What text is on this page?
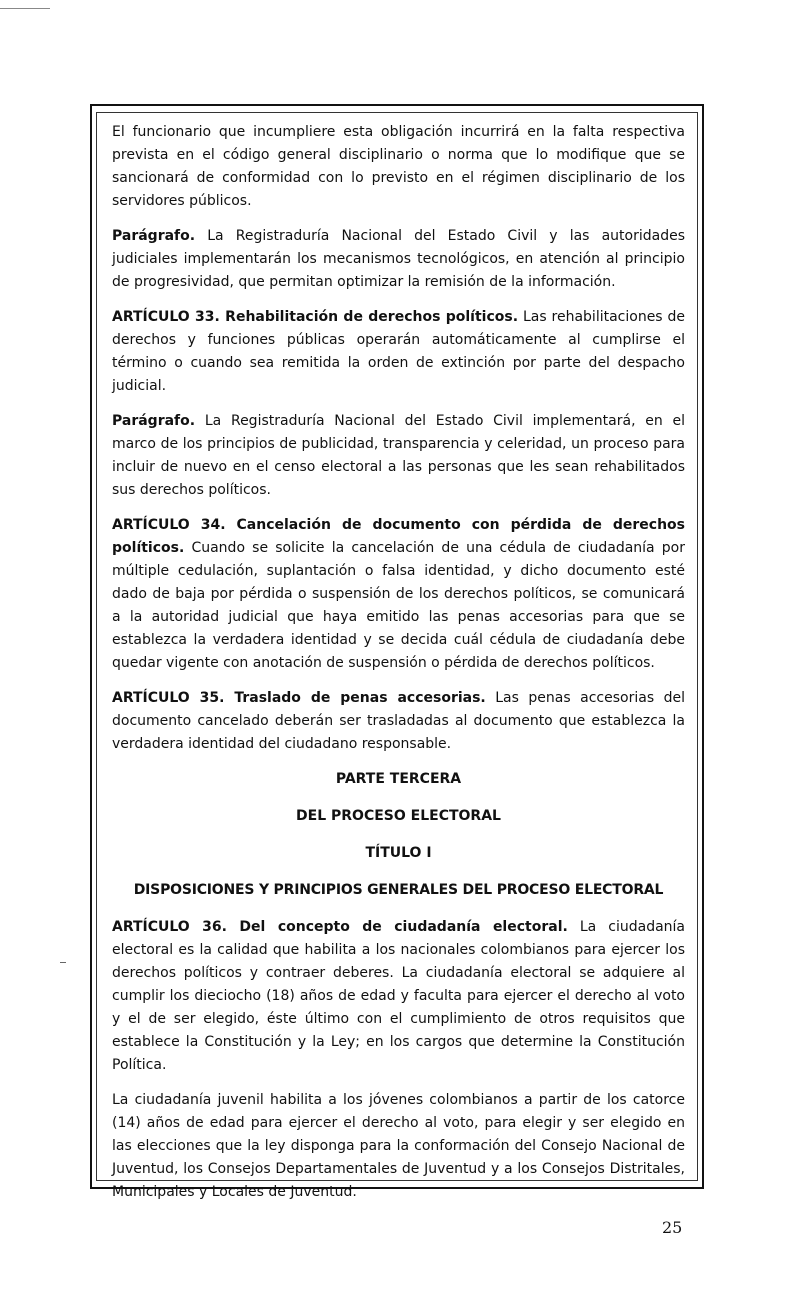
El funcionario que incumpliere esta obligación incurrirá en la falta respectiva prevista en el código general disciplinario o norma que lo modifique que se sancionará de conformidad con lo previsto en el régimen disciplinario de los servidores públicos.

Parágrafo. La Registraduría Nacional del Estado Civil y las autoridades judiciales implementarán los mecanismos tecnológicos, en atención al principio de progresividad, que permitan optimizar la remisión de la información.

ARTÍCULO 33. Rehabilitación de derechos políticos. Las rehabilitaciones de derechos y funciones públicas operarán automáticamente al cumplirse el término o cuando sea remitida la orden de extinción por parte del despacho judicial.

Parágrafo. La Registraduría Nacional del Estado Civil implementará, en el marco de los principios de publicidad, transparencia y celeridad, un proceso para incluir de nuevo en el censo electoral a las personas que les sean rehabilitados sus derechos políticos.

ARTÍCULO 34. Cancelación de documento con pérdida de derechos políticos. Cuando se solicite la cancelación de una cédula de ciudadanía por múltiple cedulación, suplantación o falsa identidad, y dicho documento esté dado de baja por pérdida o suspensión de los derechos políticos, se comunicará a la autoridad judicial que haya emitido las penas accesorias para que se establezca la verdadera identidad y se decida cuál cédula de ciudadanía debe quedar vigente con anotación de suspensión o pérdida de derechos políticos.

ARTÍCULO 35. Traslado de penas accesorias. Las penas accesorias del documento cancelado deberán ser trasladadas al documento que establezca la verdadera identidad del ciudadano responsable.

PARTE TERCERA
DEL PROCESO ELECTORAL
TÍTULO I
DISPOSICIONES Y PRINCIPIOS GENERALES DEL PROCESO ELECTORAL

ARTÍCULO 36. Del concepto de ciudadanía electoral. La ciudadanía electoral es la calidad que habilita a los nacionales colombianos para ejercer los derechos políticos y contraer deberes. La ciudadanía electoral se adquiere al cumplir los dieciocho (18) años de edad y faculta para ejercer el derecho al voto y el de ser elegido, éste último con el cumplimiento de otros requisitos que establece la Constitución y la Ley; en los cargos que determine la Constitución Política.

La ciudadanía juvenil habilita a los jóvenes colombianos a partir de los catorce (14) años de edad para ejercer el derecho al voto, para elegir y ser elegido en las elecciones que la ley disponga para la conformación del Consejo Nacional de Juventud, los Consejos Departamentales de Juventud y a los Consejos Distritales, Municipales y Locales de Juventud.

25
